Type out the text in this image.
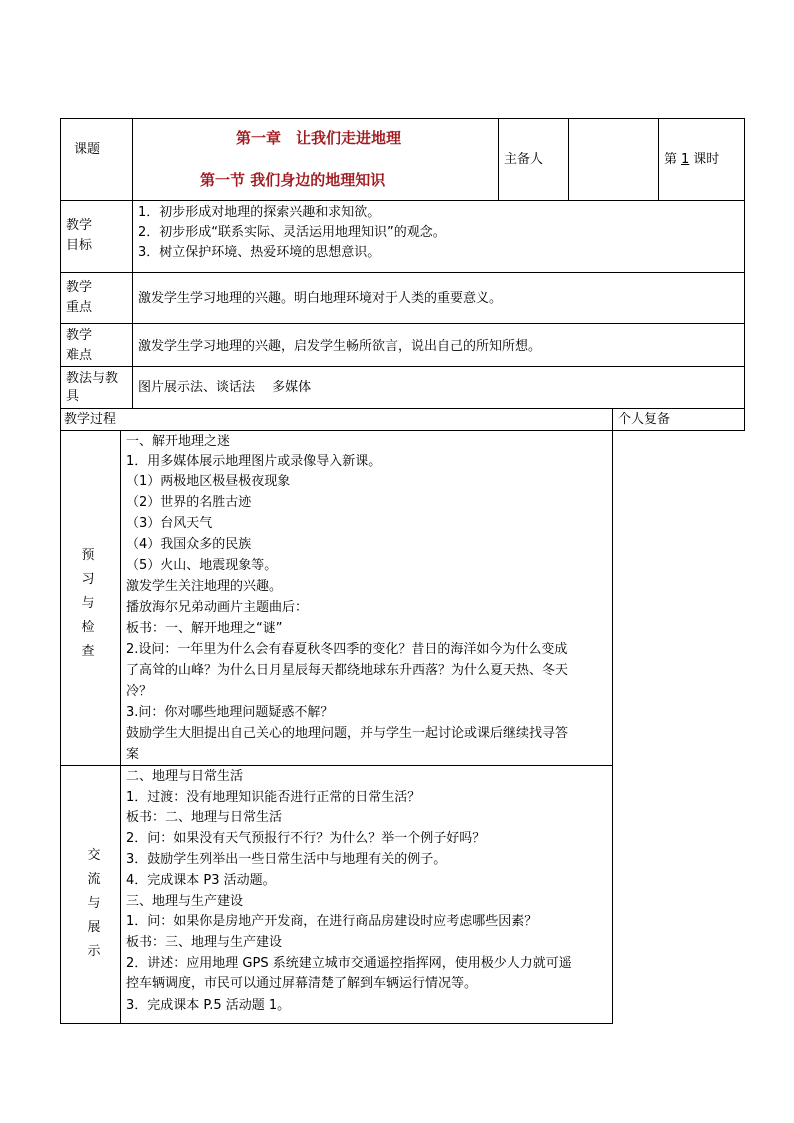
课题
第一章　让我们走进地理
第一节 我们身边的地理知识
主备人	第 1 课时
教学
目标
1．初步形成对地理的探索兴趣和求知欲。
2．初步形成“联系实际、灵活运用地理知识”的观念。
3．树立保护环境、热爱环境的思想意识。
教学
重点
激发学生学习地理的兴趣。明白地理环境对于人类的重要意义。
教学
难点
激发学生学习地理的兴趣，启发学生畅所欲言，说出自己的所知所想。
教法与教
具
图片展示法、谈话法　 多媒体
教学过程	个人复备
预
习
与
检
查
一、解开地理之迷
1．用多媒体展示地理图片或录像导入新课。
（1）两极地区极昼极夜现象
（2）世界的名胜古迹
（3）台风天气
（4）我国众多的民族
（5）火山、地震现象等。
激发学生关注地理的兴趣。
播放海尔兄弟动画片主题曲后：
板书：一、解开地理之“谜”
2.设问：一年里为什么会有春夏秋冬四季的变化？昔日的海洋如今为什么变成
了高耸的山峰？为什么日月星辰每天都绕地球东升西落？为什么夏天热、冬天
冷？
3.问：你对哪些地理问题疑惑不解？
鼓励学生大胆提出自己关心的地理问题，并与学生一起讨论或课后继续找寻答
案
交
流
与
展
示
二、地理与日常生活
1．过渡：没有地理知识能否进行正常的日常生活？
板书：二、地理与日常生活
2．问：如果没有天气预报行不行？为什么？举一个例子好吗？
3．鼓励学生列举出一些日常生活中与地理有关的例子。
4．完成课本 P3 活动题。
三、地理与生产建设
1．问：如果你是房地产开发商，在进行商品房建设时应考虑哪些因素？
板书：三、地理与生产建设
2．讲述：应用地理 GPS 系统建立城市交通遥控指挥网，使用极少人力就可遥
控车辆调度，市民可以通过屏幕清楚了解到车辆运行情况等。
3．完成课本 P.5 活动题 1。
